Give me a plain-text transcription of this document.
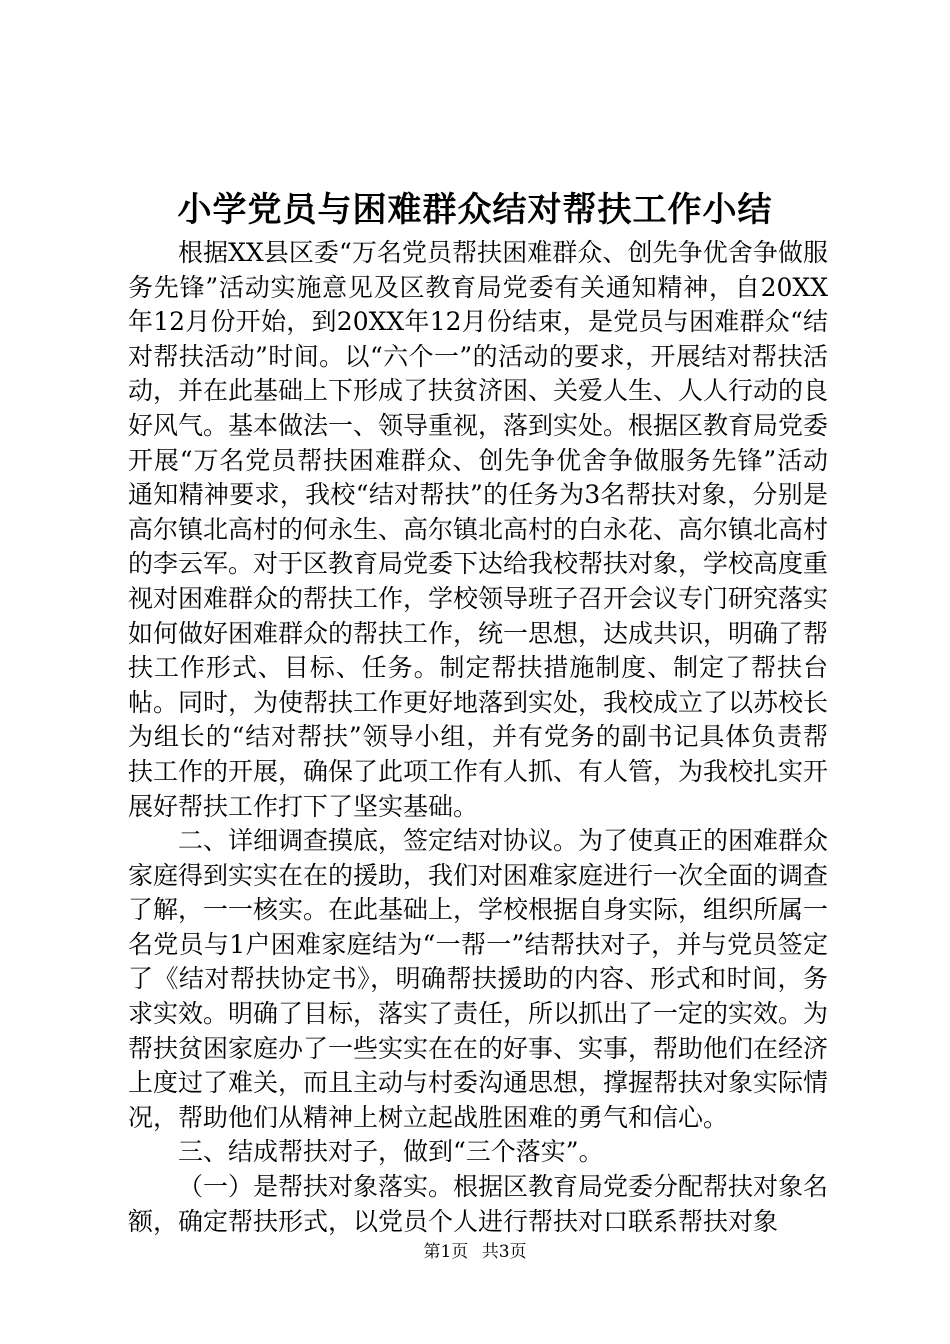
小学党员与困难群众结对帮扶工作小结

根据XX县区委“万名党员帮扶困难群众、创先争优舍争做服务先锋”活动实施意见及区教育局党委有关通知精神，自20XX年12月份开始，到20XX年12月份结束，是党员与困难群众“结对帮扶活动”时间。以“六个一”的活动的要求，开展结对帮扶活动，并在此基础上下形成了扶贫济困、关爱人生、人人行动的良好风气。基本做法一、领导重视，落到实处。根据区教育局党委开展“万名党员帮扶困难群众、创先争优舍争做服务先锋”活动通知精神要求，我校“结对帮扶”的任务为3名帮扶对象，分别是高尔镇北高村的何永生、高尔镇北高村的白永花、高尔镇北高村的李云军。对于区教育局党委下达给我校帮扶对象，学校高度重视对困难群众的帮扶工作，学校领导班子召开会议专门研究落实如何做好困难群众的帮扶工作，统一思想，达成共识，明确了帮扶工作形式、目标、任务。制定帮扶措施制度、制定了帮扶台帖。同时，为使帮扶工作更好地落到实处，我校成立了以苏校长为组长的“结对帮扶”领导小组，并有党务的副书记具体负责帮扶工作的开展，确保了此项工作有人抓、有人管，为我校扎实开展好帮扶工作打下了坚实基础。

二、详细调查摸底，签定结对协议。为了使真正的困难群众家庭得到实实在在的援助，我们对困难家庭进行一次全面的调查了解，一一核实。在此基础上，学校根据自身实际，组织所属一名党员与1户困难家庭结为“一帮一”结帮扶对子，并与党员签定了《结对帮扶协定书》，明确帮扶援助的内容、形式和时间，务求实效。明确了目标，落实了责任，所以抓出了一定的实效。为帮扶贫困家庭办了一些实实在在的好事、实事，帮助他们在经济上度过了难关，而且主动与村委沟通思想，撑握帮扶对象实际情况，帮助他们从精神上树立起战胜困难的勇气和信心。

三、结成帮扶对子，做到“三个落实”。

（一）是帮扶对象落实。根据区教育局党委分配帮扶对象名额，确定帮扶形式，以党员个人进行帮扶对口联系帮扶对象

第1页 共3页
